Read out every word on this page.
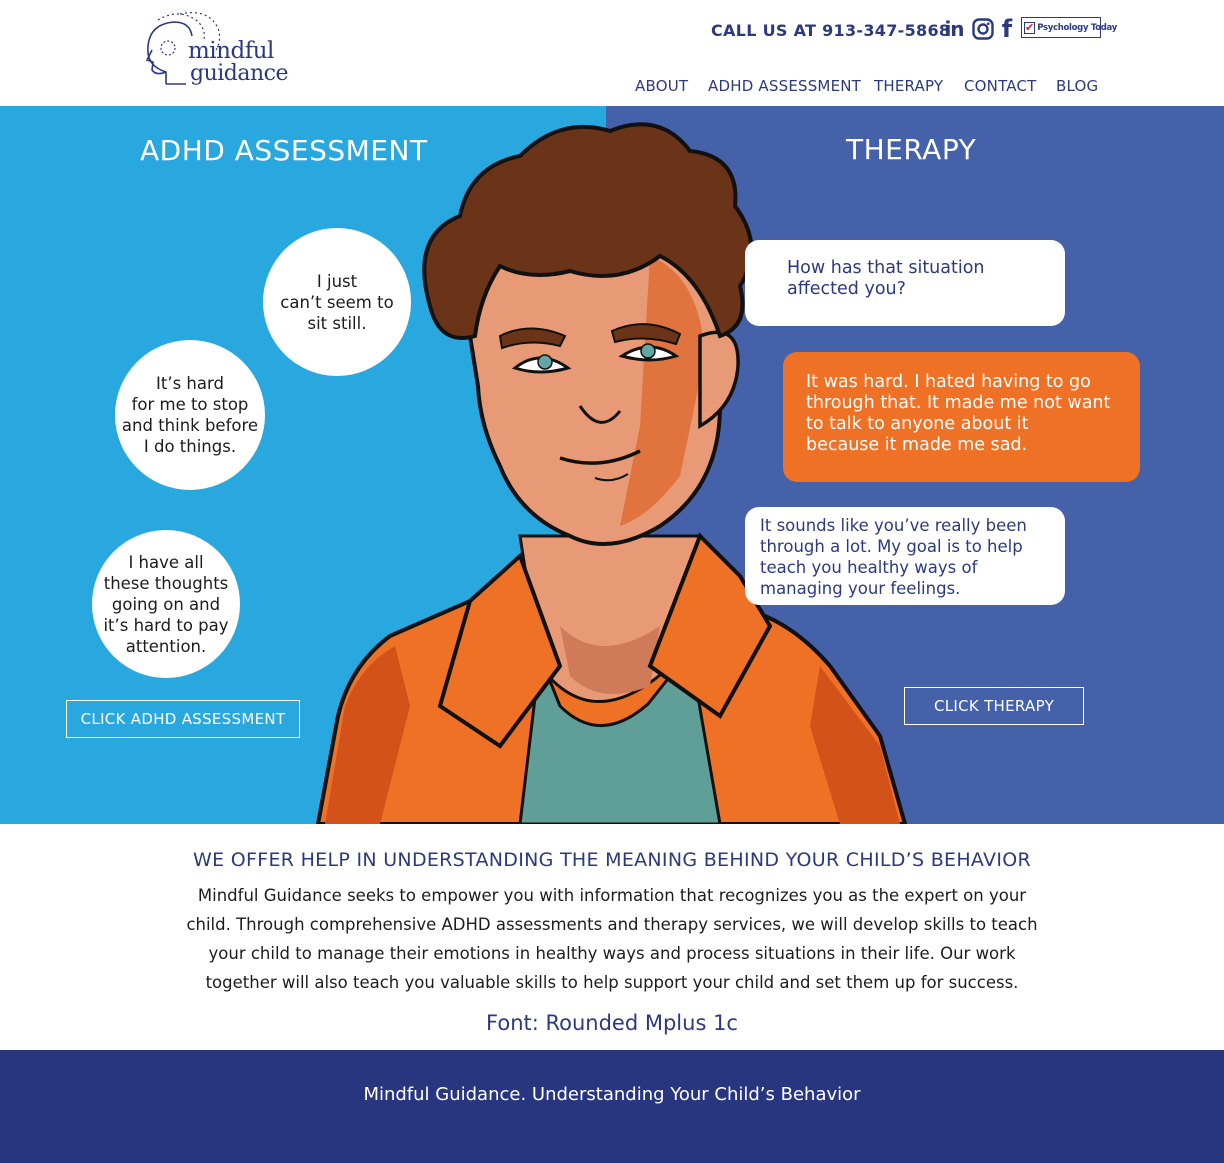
mindful
guidance
CALL US AT 913-347-5868
in f ✔ Psychology Today
ABOUT ADHD ASSESSMENT THERAPY CONTACT BLOG
ADHD ASSESSMENT	THERAPY
I just
can’t seem to
sit still.
It’s hard
for me to stop
and think before
I do things.
I have all
these thoughts
going on and
it’s hard to pay
attention.
How has that situation
affected you?
It was hard. I hated having to go
through that. It made me not want
to talk to anyone about it
because it made me sad.
It sounds like you’ve really been
through a lot. My goal is to help
teach you healthy ways of
managing your feelings.
CLICK ADHD ASSESSMENT
CLICK THERAPY
WE OFFER HELP IN UNDERSTANDING THE MEANING BEHIND YOUR CHILD’S BEHAVIOR
Mindful Guidance seeks to empower you with information that recognizes you as the expert on your
child. Through comprehensive ADHD assessments and therapy services, we will develop skills to teach
your child to manage their emotions in healthy ways and process situations in their life. Our work
together will also teach you valuable skills to help support your child and set them up for success.
Font: Rounded Mplus 1c
Mindful Guidance. Understanding Your Child’s Behavior
